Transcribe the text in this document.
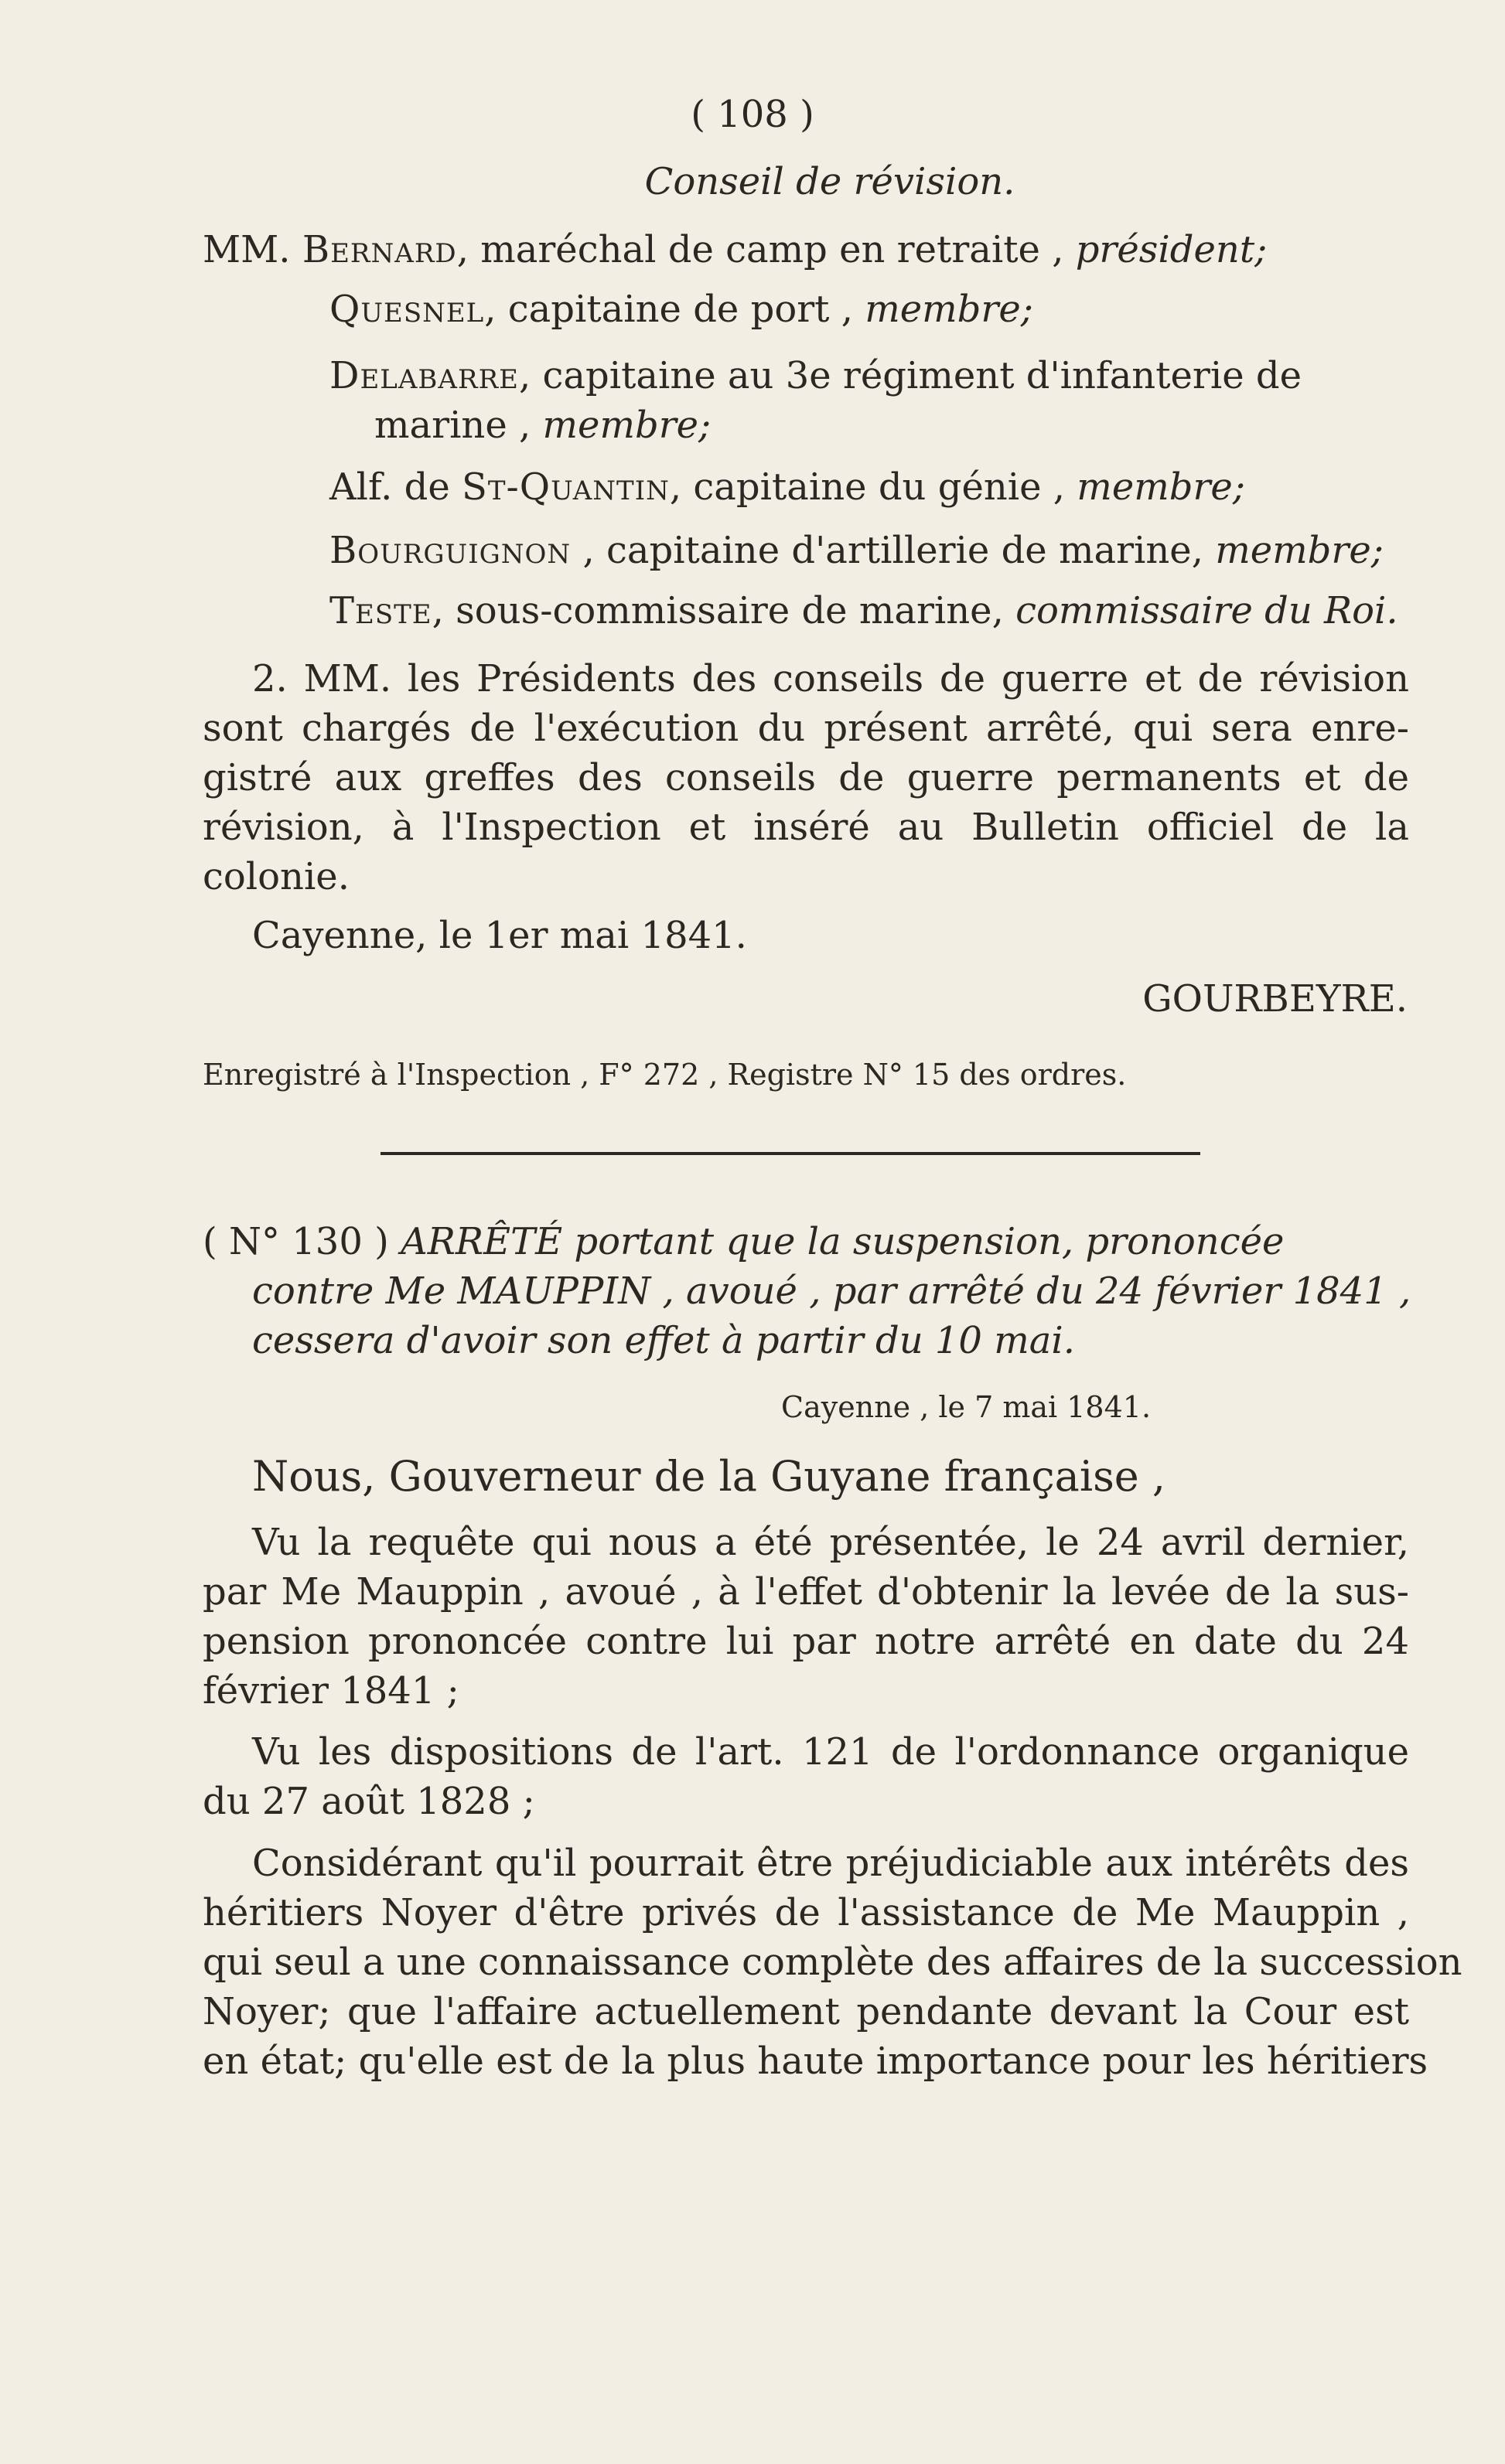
( 108 )
Conseil de révision.
MM. Bernard, maréchal de camp en retraite , président;
Quesnel, capitaine de port , membre;
Delabarre, capitaine au 3e régiment d'infanterie de
marine , membre;
Alf. de St-Quantin, capitaine du génie , membre;
Bourguignon , capitaine d'artillerie de marine, membre;
Teste, sous-commissaire de marine, commissaire du Roi.
2. MM. les Présidents des conseils de guerre et de révision
sont chargés de l'exécution du présent arrêté, qui sera enre-
gistré aux greffes des conseils de guerre permanents et de
révision, à l'Inspection et inséré au Bulletin officiel de la
colonie.
Cayenne, le 1er mai 1841.
GOURBEYRE.
Enregistré à l'Inspection , F° 272 , Registre N° 15 des ordres.
( N° 130 ) ARRÊTÉ portant que la suspension, prononcée
contre Me MAUPPIN , avoué , par arrêté du 24 février 1841 ,
cessera d'avoir son effet à partir du 10 mai.
Cayenne , le 7 mai 1841.
Nous, Gouverneur de la Guyane française ,
Vu la requête qui nous a été présentée, le 24 avril dernier,
par Me Mauppin , avoué , à l'effet d'obtenir la levée de la sus-
pension prononcée contre lui par notre arrêté en date du 24
février 1841 ;
Vu les dispositions de l'art. 121 de l'ordonnance organique
du 27 août 1828 ;
Considérant qu'il pourrait être préjudiciable aux intérêts des
héritiers Noyer d'être privés de l'assistance de Me Mauppin ,
qui seul a une connaissance complète des affaires de la succession
Noyer; que l'affaire actuellement pendante devant la Cour est
en état; qu'elle est de la plus haute importance pour les héritiers
